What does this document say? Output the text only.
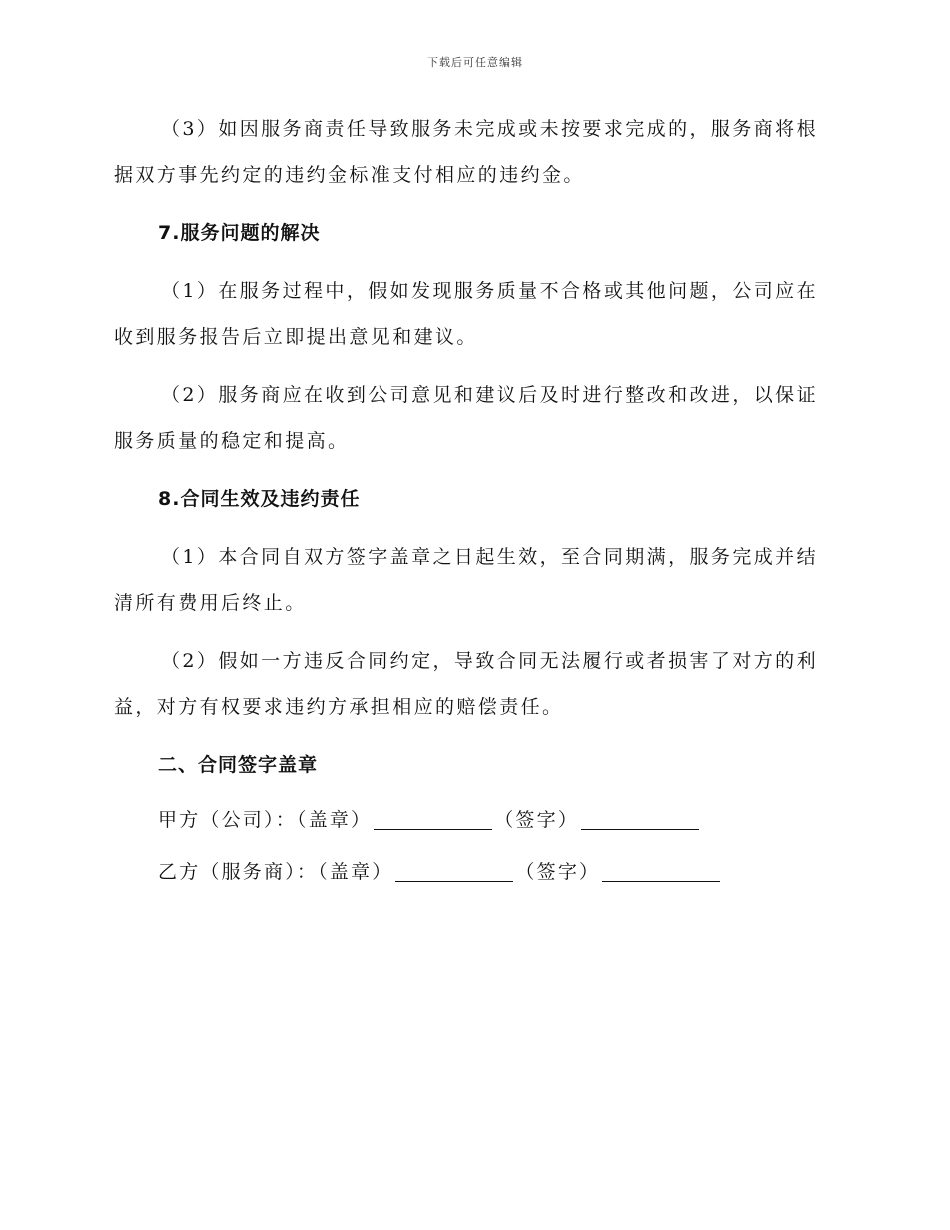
下载后可任意编辑

（3）如因服务商责任导致服务未完成或未按要求完成的，服务商将根据双方事先约定的违约金标准支付相应的违约金。

7.服务问题的解决

（1）在服务过程中，假如发现服务质量不合格或其他问题，公司应在收到服务报告后立即提出意见和建议。

（2）服务商应在收到公司意见和建议后及时进行整改和改进，以保证服务质量的稳定和提高。

8.合同生效及违约责任

（1）本合同自双方签字盖章之日起生效，至合同期满，服务完成并结清所有费用后终止。

（2）假如一方违反合同约定，导致合同无法履行或者损害了对方的利益，对方有权要求违约方承担相应的赔偿责任。

二、合同签字盖章

甲方（公司）：（盖章）	（签字）
乙方（服务商）：（盖章）	（签字）
